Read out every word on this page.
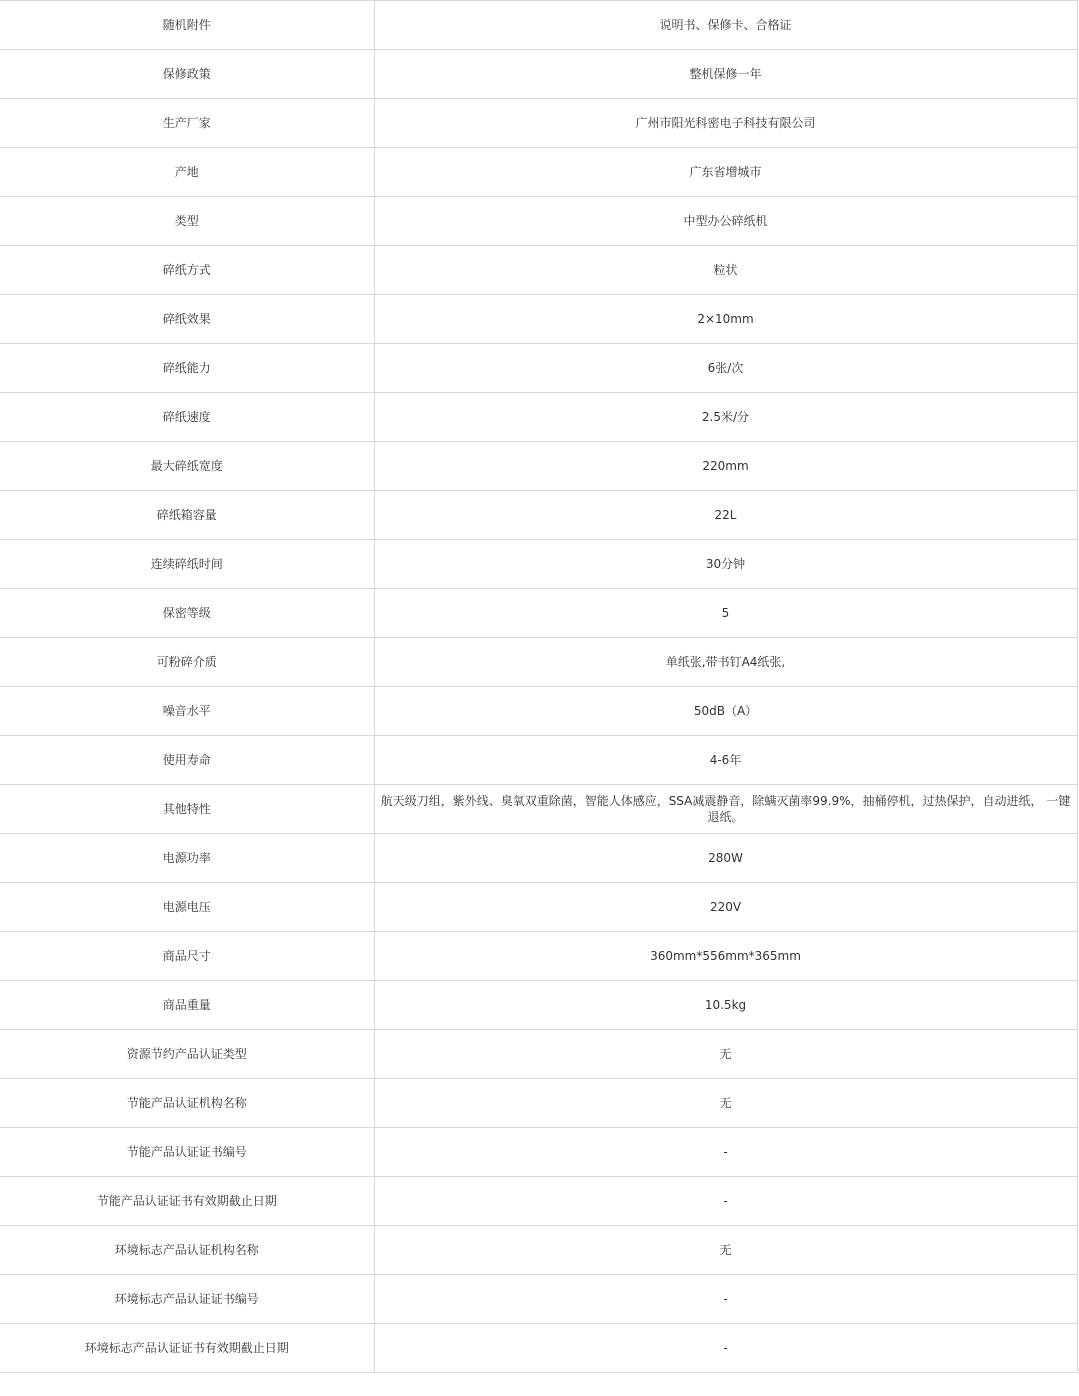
随机附件	说明书、保修卡、合格证
保修政策	整机保修一年
生产厂家	广州市阳光科密电子科技有限公司
产地	广东省增城市
类型	中型办公碎纸机
碎纸方式	粒状
碎纸效果	2×10mm
碎纸能力	6张/次
碎纸速度	2.5米/分
最大碎纸宽度	220mm
碎纸箱容量	22L
连续碎纸时间	30分钟
保密等级	5
可粉碎介质	单纸张,带书钉A4纸张,
噪音水平	50dB（A）
使用寿命	4-6年
其他特性	航天级刀组，紫外线、臭氧双重除菌，智能人体感应，SSA减震静音，除螨灭菌率99.9%，抽桶停机，过热保护，自动进纸， 一键退纸。
电源功率	280W
电源电压	220V
商品尺寸	360mm*556mm*365mm
商品重量	10.5kg
资源节约产品认证类型	无
节能产品认证机构名称	无
节能产品认证证书编号	-
节能产品认证证书有效期截止日期	-
环境标志产品认证机构名称	无
环境标志产品认证证书编号	-
环境标志产品认证证书有效期截止日期	-
